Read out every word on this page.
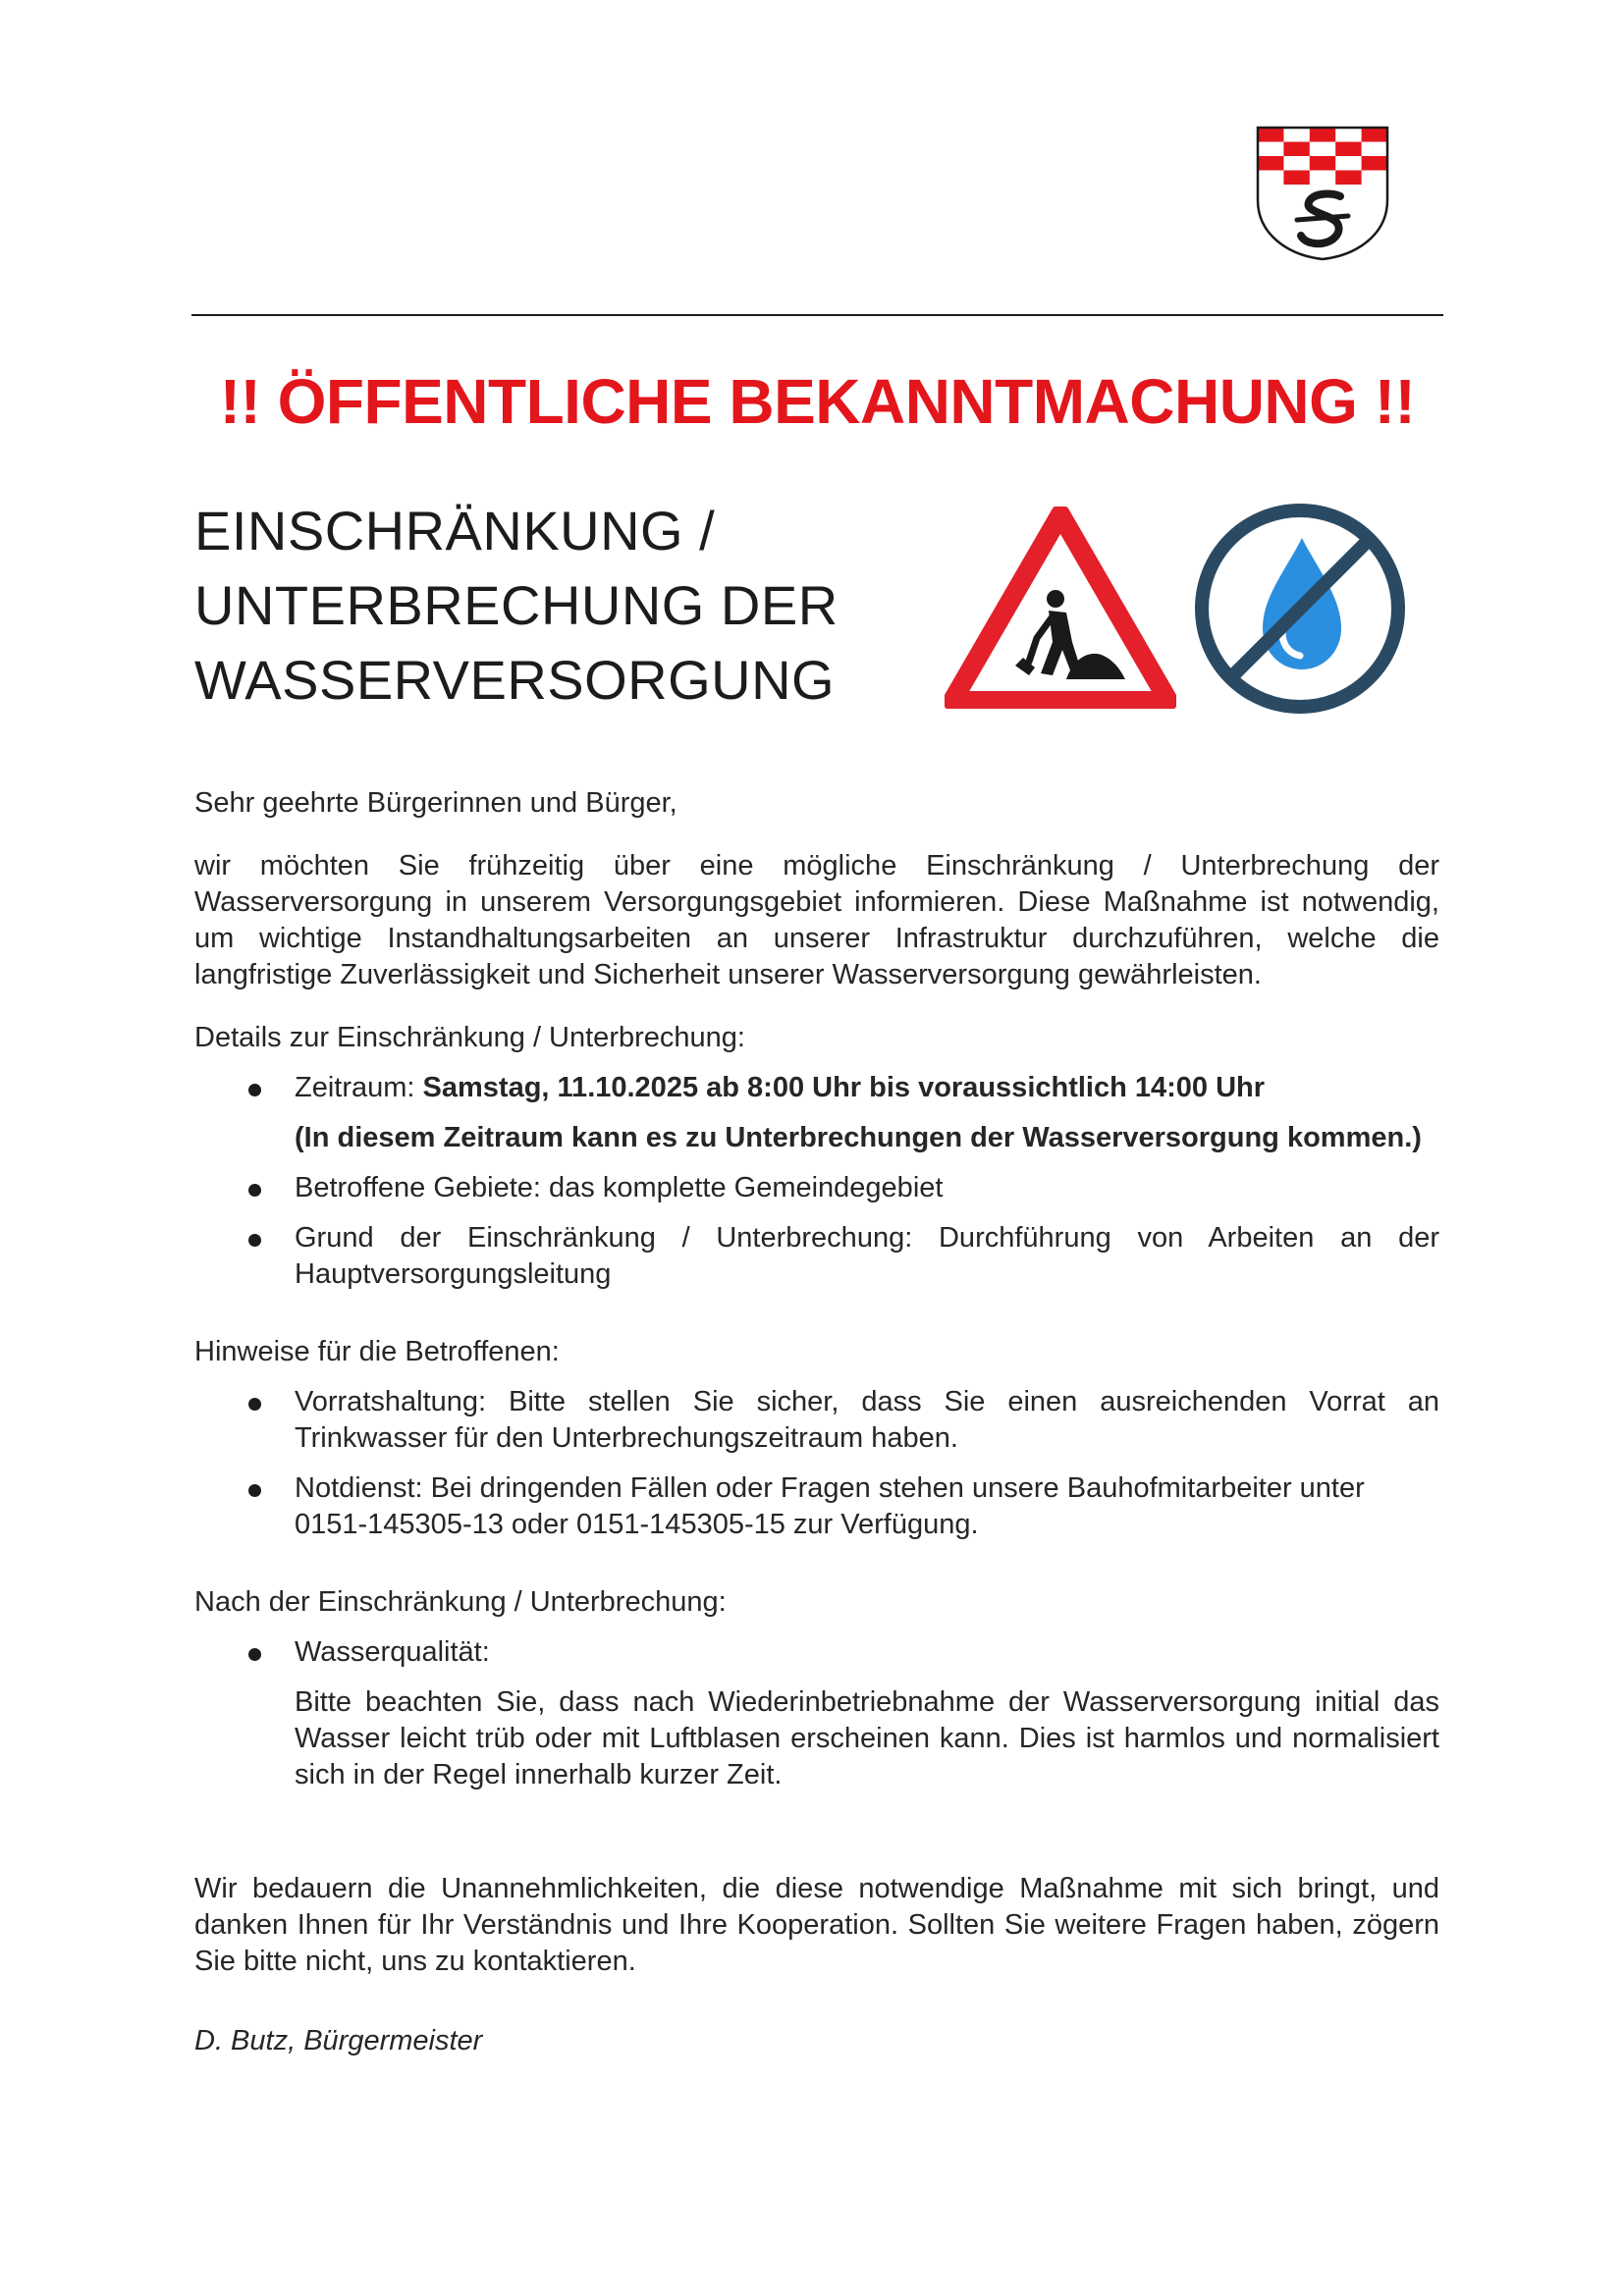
!! ÖFFENTLICHE BEKANNTMACHUNG !!
EINSCHRÄNKUNG /
UNTERBRECHUNG DER
WASSERVERSORGUNG

Sehr geehrte Bürgerinnen und Bürger,

wir möchten Sie frühzeitig über eine mögliche Einschränkung / Unterbrechung der Wasserversorgung in unserem Versorgungsgebiet informieren. Diese Maßnahme ist notwendig, um wichtige Instandhaltungsarbeiten an unserer Infrastruktur durchzuführen, welche die langfristige Zuverlässigkeit und Sicherheit unserer Wasserversorgung gewährleisten.

Details zur Einschränkung / Unterbrechung:

Zeitraum: Samstag, 11.10.2025 ab 8:00 Uhr bis voraussichtlich 14:00 Uhr
(In diesem Zeitraum kann es zu Unterbrechungen der Wasserversorgung kommen.)
Betroffene Gebiete: das komplette Gemeindegebiet
Grund der Einschränkung / Unterbrechung: Durchführung von Arbeiten an der Hauptversorgungsleitung

Hinweise für die Betroffenen:

Vorratshaltung: Bitte stellen Sie sicher, dass Sie einen ausreichenden Vorrat an Trinkwasser für den Unterbrechungszeitraum haben.
Notdienst: Bei dringenden Fällen oder Fragen stehen unsere Bauhofmitarbeiter unter 0151-145305-13 oder 0151-145305-15 zur Verfügung.

Nach der Einschränkung / Unterbrechung:

Wasserqualität:
Bitte beachten Sie, dass nach Wiederinbetriebnahme der Wasserversorgung initial das Wasser leicht trüb oder mit Luftblasen erscheinen kann. Dies ist harmlos und normalisiert sich in der Regel innerhalb kurzer Zeit.

Wir bedauern die Unannehmlichkeiten, die diese notwendige Maßnahme mit sich bringt, und danken Ihnen für Ihr Verständnis und Ihre Kooperation. Sollten Sie weitere Fragen haben, zögern Sie bitte nicht, uns zu kontaktieren.

D. Butz, Bürgermeister
